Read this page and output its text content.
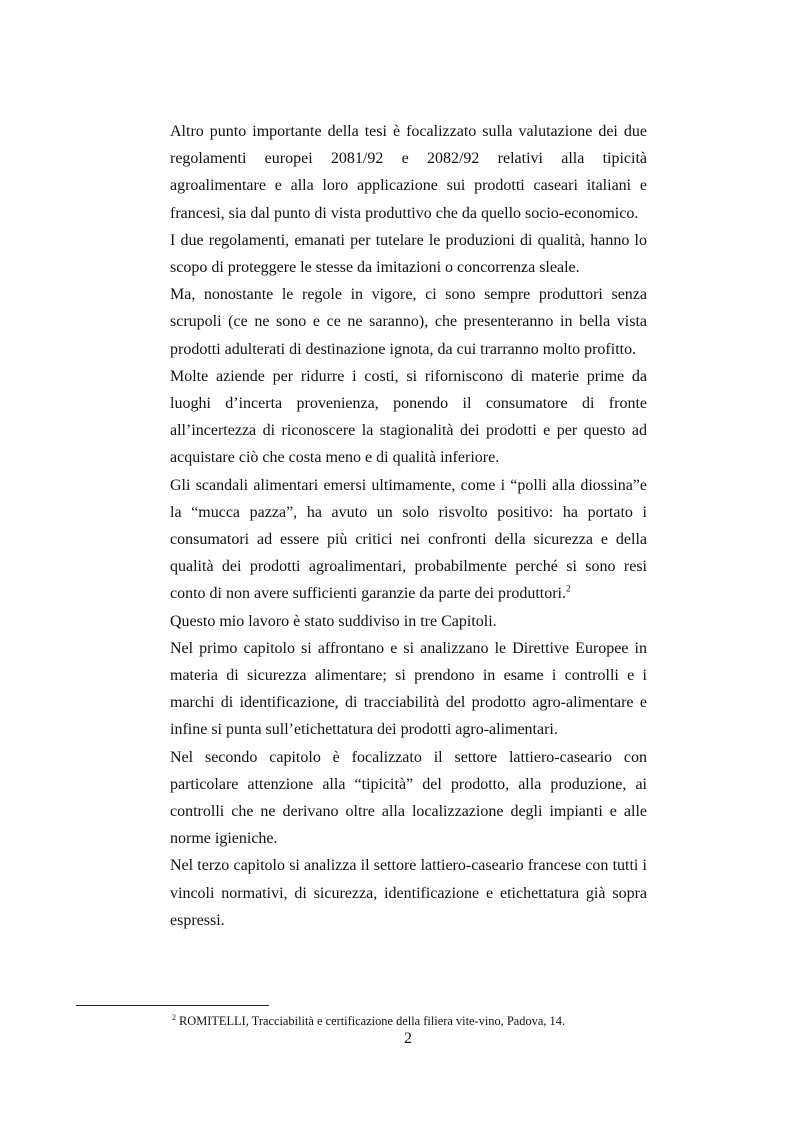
Altro punto importante della tesi è focalizzato sulla valutazione dei due regolamenti europei 2081/92 e 2082/92 relativi alla tipicità agroalimentare e alla loro applicazione sui prodotti caseari italiani e francesi, sia dal punto di vista produttivo che da quello socio-economico.

I due regolamenti, emanati per tutelare le produzioni di qualità, hanno lo scopo di proteggere le stesse da imitazioni o concorrenza sleale.

Ma, nonostante le regole in vigore, ci sono sempre produttori senza scrupoli (ce ne sono e ce ne saranno), che presenteranno in bella vista prodotti adulterati di destinazione ignota, da cui trarranno molto profitto.

Molte aziende per ridurre i costi, si riforniscono di materie prime da luoghi d’incerta provenienza, ponendo il consumatore di fronte all’incertezza di riconoscere la stagionalità dei prodotti e per questo ad acquistare ciò che costa meno e di qualità inferiore.

Gli scandali alimentari emersi ultimamente, come i “polli alla diossina”e la “mucca pazza”, ha avuto un solo risvolto positivo: ha portato i consumatori ad essere più critici nei confronti della sicurezza e della qualità dei prodotti agroalimentari, probabilmente perché si sono resi conto di non avere sufficienti garanzie da parte dei produttori.$^2$

Questo mio lavoro è stato suddiviso in tre Capitoli.

Nel primo capitolo si affrontano e si analizzano le Direttive Europee in materia di sicurezza alimentare; si prendono in esame i controlli e i marchi di identificazione, di tracciabilità del prodotto agro-alimentare e infine si punta sull’etichettatura dei prodotti agro-alimentari.

Nel secondo capitolo è focalizzato il settore lattiero-caseario con particolare attenzione alla “tipicità” del prodotto, alla produzione, ai controlli che ne derivano oltre alla localizzazione degli impianti e alle norme igieniche.

Nel terzo capitolo si analizza il settore lattiero-caseario francese con tutti i vincoli normativi, di sicurezza, identificazione e etichettatura già sopra espressi.

$^2$ ROMITELLI, Tracciabilità e certificazione della filiera vite-vino, Padova, 14.
2
